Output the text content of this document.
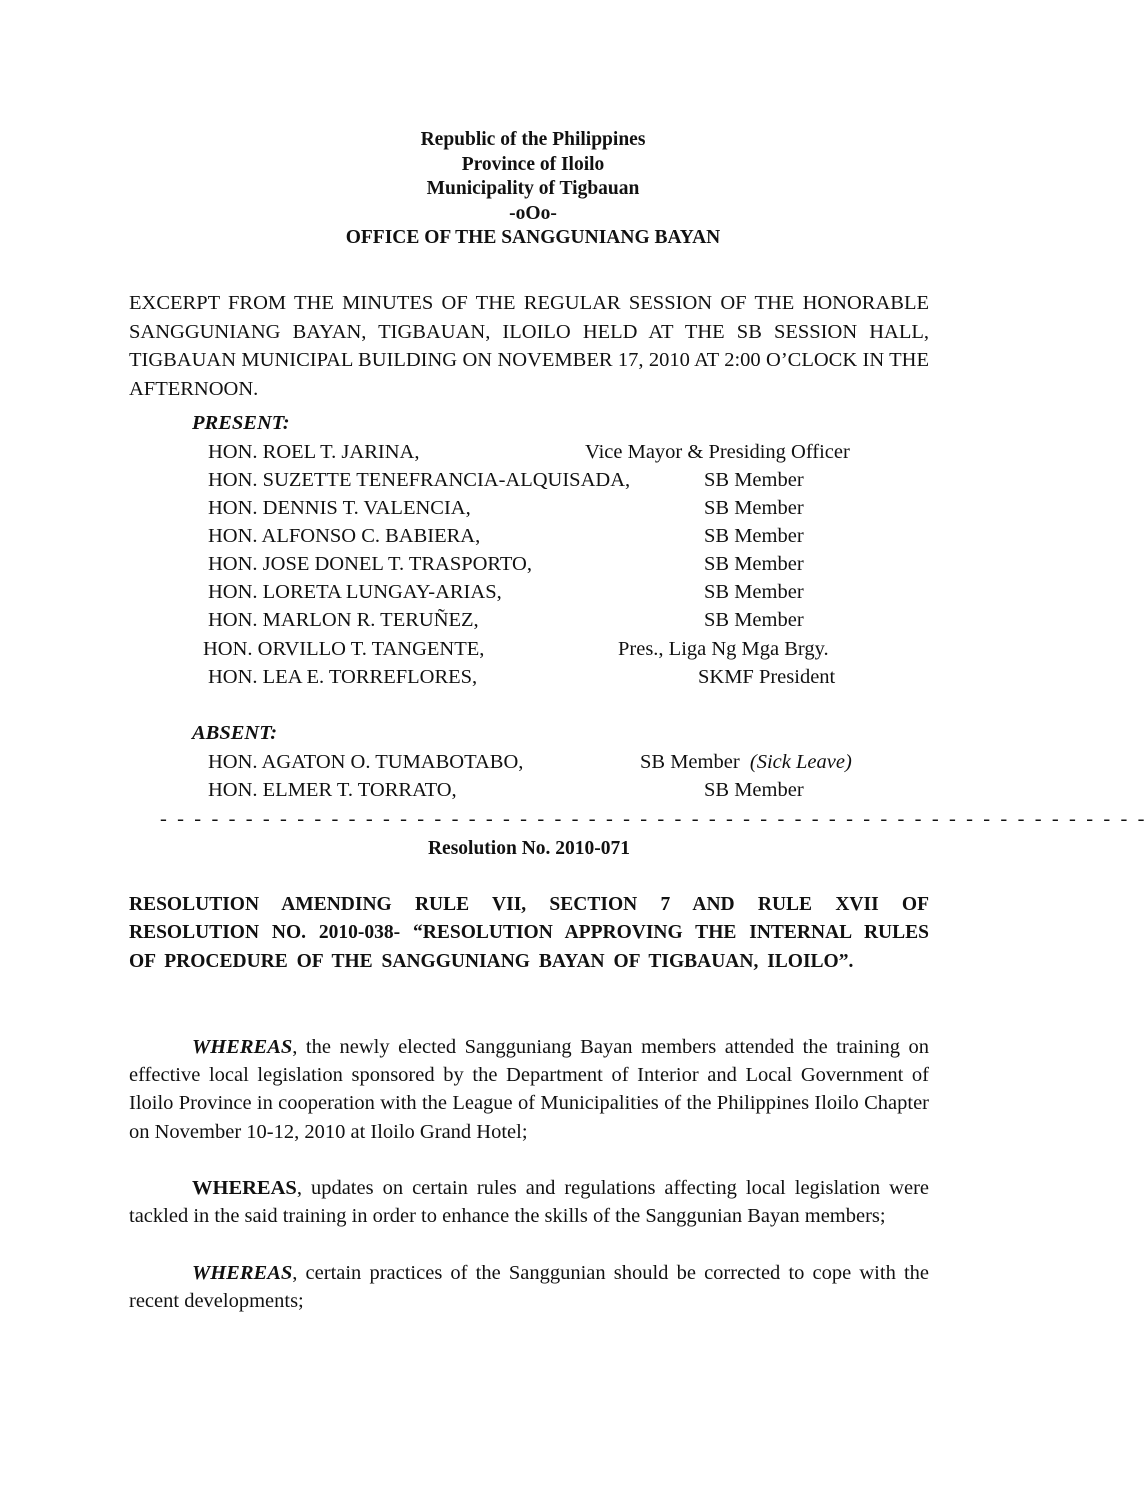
Republic of the Philippines
Province of Iloilo
Municipality of Tigbauan
-oOo-
OFFICE OF THE SANGGUNIANG BAYAN
EXCERPT FROM THE MINUTES OF THE REGULAR SESSION OF THE HONORABLE SANGGUNIANG BAYAN, TIGBAUAN, ILOILO HELD AT THE SB SESSION HALL, TIGBAUAN MUNICIPAL BUILDING ON NOVEMBER 17, 2010 AT 2:00 O’CLOCK IN THE AFTERNOON.
PRESENT:
HON. ROEL T. JARINA,	Vice Mayor & Presiding Officer
HON. SUZETTE TENEFRANCIA-ALQUISADA,	SB Member
HON. DENNIS T. VALENCIA,	SB Member
HON. ALFONSO C. BABIERA,	SB Member
HON. JOSE DONEL T. TRASPORTO,	SB Member
HON. LORETA LUNGAY-ARIAS,	SB Member
HON. MARLON R. TERUÑEZ,	SB Member
HON. ORVILLO T. TANGENTE,	Pres., Liga Ng Mga Brgy.
HON. LEA E. TORREFLORES,	SKMF President
ABSENT:
HON. AGATON O. TUMABOTABO,	SB Member (Sick Leave)
HON. ELMER T. TORRATO,	SB Member
- - - - - - - - - - - - - - - - - - - - - - - - - - - - - - - - - - - - - - - - - - - - - - - - - - - - - - - - - -
Resolution No. 2010-071
RESOLUTION AMENDING RULE VII, SECTION 7 AND RULE XVII OF RESOLUTION NO. 2010-038- “RESOLUTION APPROVING THE INTERNAL RULES OF PROCEDURE OF THE SANGGUNIANG BAYAN OF TIGBAUAN, ILOILO”.
WHEREAS, the newly elected Sangguniang Bayan members attended the training on effective local legislation sponsored by the Department of Interior and Local Government of Iloilo Province in cooperation with the League of Municipalities of the Philippines Iloilo Chapter on November 10-12, 2010 at Iloilo Grand Hotel;
WHEREAS, updates on certain rules and regulations affecting local legislation were tackled in the said training in order to enhance the skills of the Sanggunian Bayan members;
WHEREAS, certain practices of the Sanggunian should be corrected to cope with the recent developments;
